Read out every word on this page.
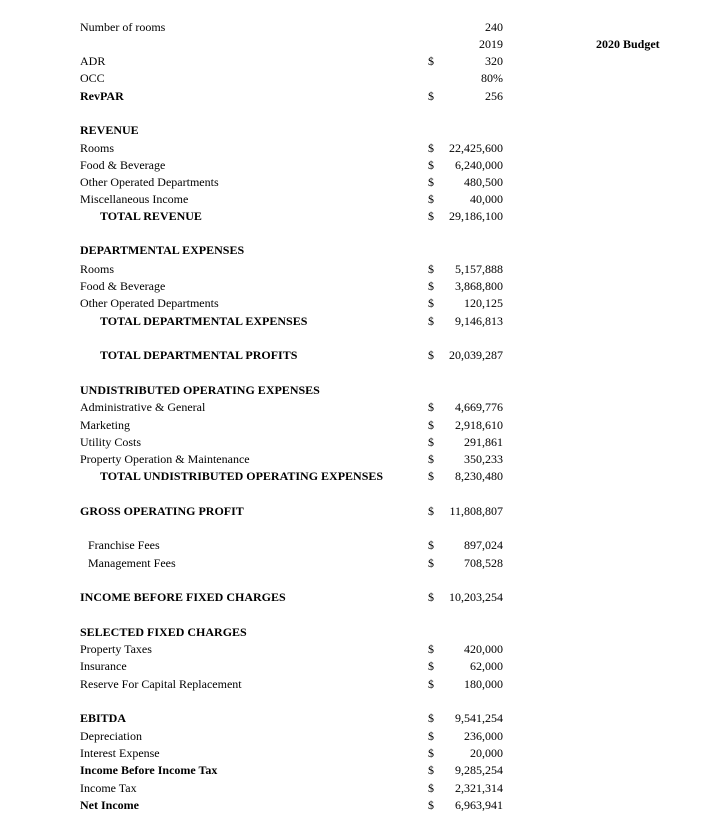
Number of rooms	240
2019	2020 Budget
ADR	$	320
OCC	80%
RevPAR	$	256
REVENUE
Rooms	$ 22,425,600
Food & Beverage	$ 6,240,000
Other Operated Departments	$	480,500
Miscellaneous Income	$	40,000
TOTAL REVENUE	$ 29,186,100
DEPARTMENTAL EXPENSES
Rooms	$ 5,157,888
Food & Beverage	$ 3,868,800
Other Operated Departments	$	120,125
TOTAL DEPARTMENTAL EXPENSES	$ 9,146,813
TOTAL DEPARTMENTAL PROFITS	$ 20,039,287
UNDISTRIBUTED OPERATING EXPENSES
Administrative & General	$ 4,669,776
Marketing	$ 2,918,610
Utility Costs	$	291,861
Property Operation & Maintenance	$	350,233
TOTAL UNDISTRIBUTED OPERATING EXPENSES	$ 8,230,480
GROSS OPERATING PROFIT	$ 11,808,807
Franchise Fees	$	897,024
Management Fees	$	708,528
INCOME BEFORE FIXED CHARGES	$ 10,203,254
SELECTED FIXED CHARGES
Property Taxes	$	420,000
Insurance	$	62,000
Reserve For Capital Replacement	$	180,000
EBITDA	$ 9,541,254
Depreciation	$	236,000
Interest Expense	$	20,000
Income Before Income Tax	$ 9,285,254
Income Tax	$ 2,321,314
Net Income	$ 6,963,941
